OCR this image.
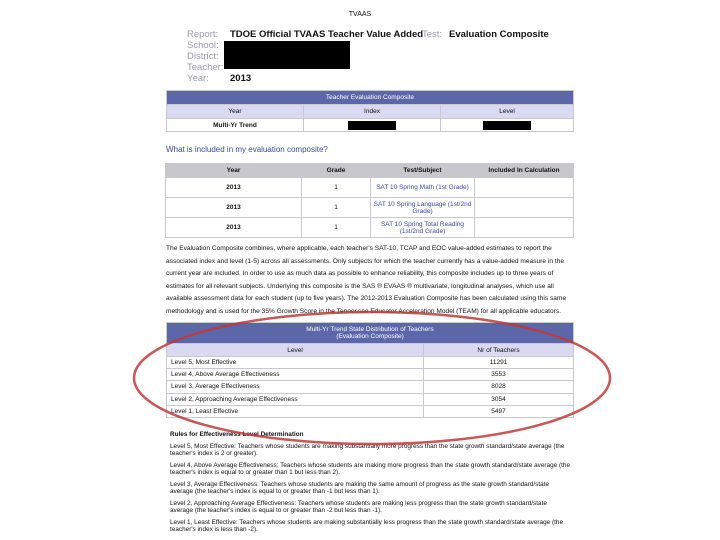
TVAAS
Report: TDOE Official TVAAS Teacher Value Added
School:
District:
Teacher:
Year: 2013
Test: Evaluation Composite
Teacher Evaluation Composite		
Year	Index	Level
Multi-Yr Trend	

What is included in my evaluation composite?
Year	Grade	Test/Subject	Included In Calculation
2013	1	SAT 10 Spring Math (1st Grade)	
2013	1	SAT 10 Spring Language (1st/2nd Grade)	
2013	1	SAT 10 Spring Total Reading (1st/2nd Grade)	
The Evaluation Composite combines, where applicable, each teacher's SAT-10, TCAP and EOC value-added estimates to report the associated index and level (1-5) across all assessments. Only subjects for which the teacher currently has a value-added measure in the current year are included. In order to use as much data as possible to enhance reliability, this composite includes up to three years of estimates for all relevant subjects. Underlying this composite is the SAS ® EVAAS ® multivariate, longitudinal analyses, which use all available assessment data for each student (up to five years). The 2012-2013 Evaluation Composite has been calculated using this same methodology and is used for the 35% Growth Score in the Tennessee Educator Acceleration Model (TEAM) for all applicable educators.
Multi-Yr Trend State Distribution of Teachers
(Evaluation Composite)	
Level	Nr of Teachers
Level 5, Most Effective	11291
Level 4, Above Average Effectiveness	3553
Level 3, Average Effectiveness	8028
Level 2, Approaching Average Effectiveness	3054
Level 1, Least Effective	5497

Rules for Effectiveness Level Determination

Level 5, Most Effective: Teachers whose students are making substantially more progress than the state growth standard/state average (the teacher's index is 2 or greater).

Level 4, Above Average Effectiveness: Teachers whose students are making more progress than the state growth standard/state average (the teacher's index is equal to or greater than 1 but less than 2).

Level 3, Average Effectiveness: Teachers whose students are making the same amount of progress as the state growth standard/state average (the teacher's index is equal to or greater than -1 but less than 1).

Level 2, Approaching Average Effectiveness: Teachers whose students are making less progress than the state growth standard/state average (the teacher's index is equal to or greater than -2 but less than -1).

Level 1, Least Effective: Teachers whose students are making substantially less progress than the state growth standard/state average (the teacher's index is less than -2).
